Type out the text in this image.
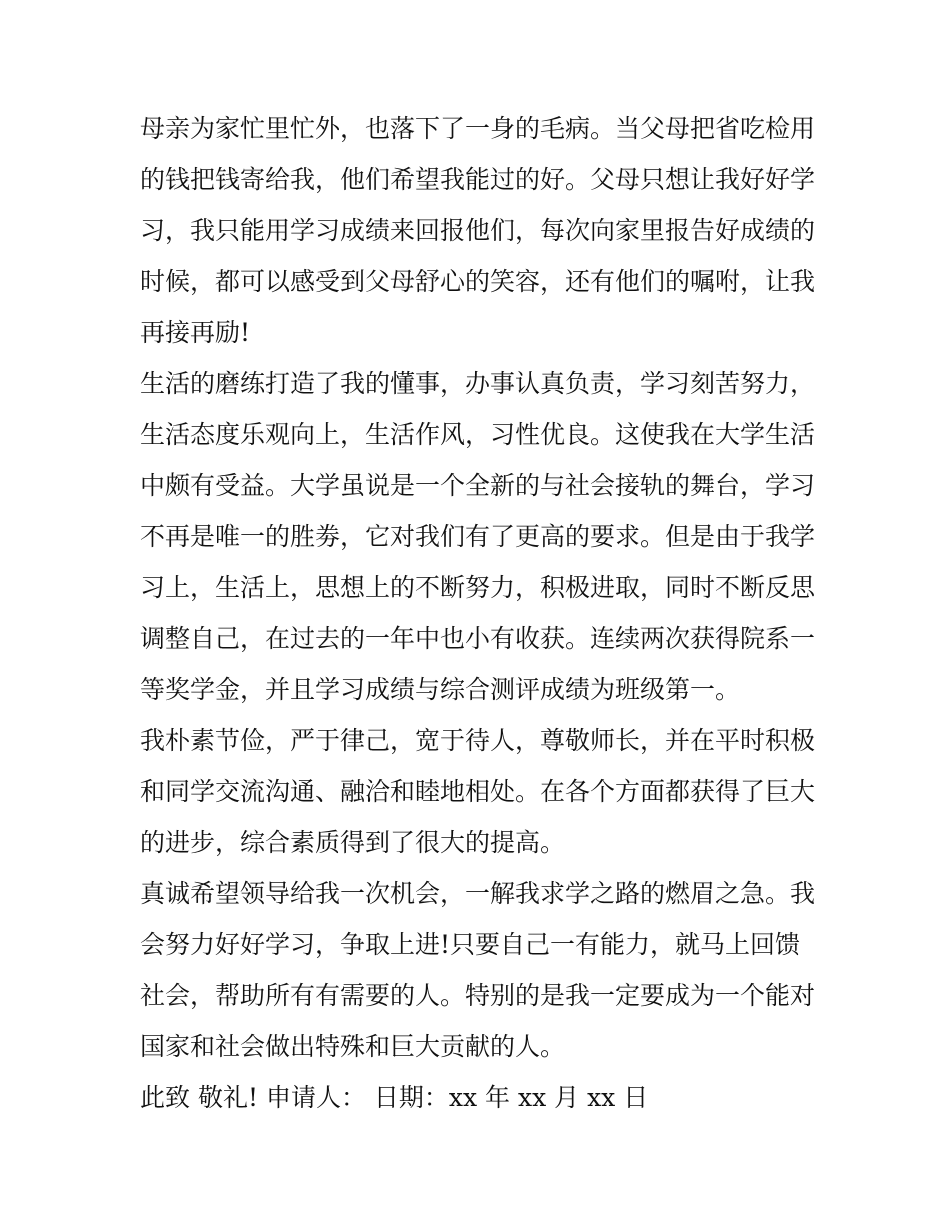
母亲为家忙里忙外，也落下了一身的毛病。当父母把省吃检用
的钱把钱寄给我，他们希望我能过的好。父母只想让我好好学
习，我只能用学习成绩来回报他们，每次向家里报告好成绩的
时候，都可以感受到父母舒心的笑容，还有他们的嘱咐，让我
再接再励!

生活的磨练打造了我的懂事，办事认真负责，学习刻苦努力，
生活态度乐观向上，生活作风，习性优良。这使我在大学生活
中颇有受益。大学虽说是一个全新的与社会接轨的舞台，学习
不再是唯一的胜劵，它对我们有了更高的要求。但是由于我学
习上，生活上，思想上的不断努力，积极进取，同时不断反思
调整自己，在过去的一年中也小有收获。连续两次获得院系一
等奖学金，并且学习成绩与综合测评成绩为班级第一。

我朴素节俭，严于律己，宽于待人，尊敬师长，并在平时积极
和同学交流沟通、融洽和睦地相处。在各个方面都获得了巨大
的进步，综合素质得到了很大的提高。

真诚希望领导给我一次机会，一解我求学之路的燃眉之急。我
会努力好好学习，争取上进!只要自己一有能力，就马上回馈
社会，帮助所有有需要的人。特别的是我一定要成为一个能对
国家和社会做出特殊和巨大贡献的人。

此致 敬礼! 申请人： 日期：xx 年 xx 月 xx 日
